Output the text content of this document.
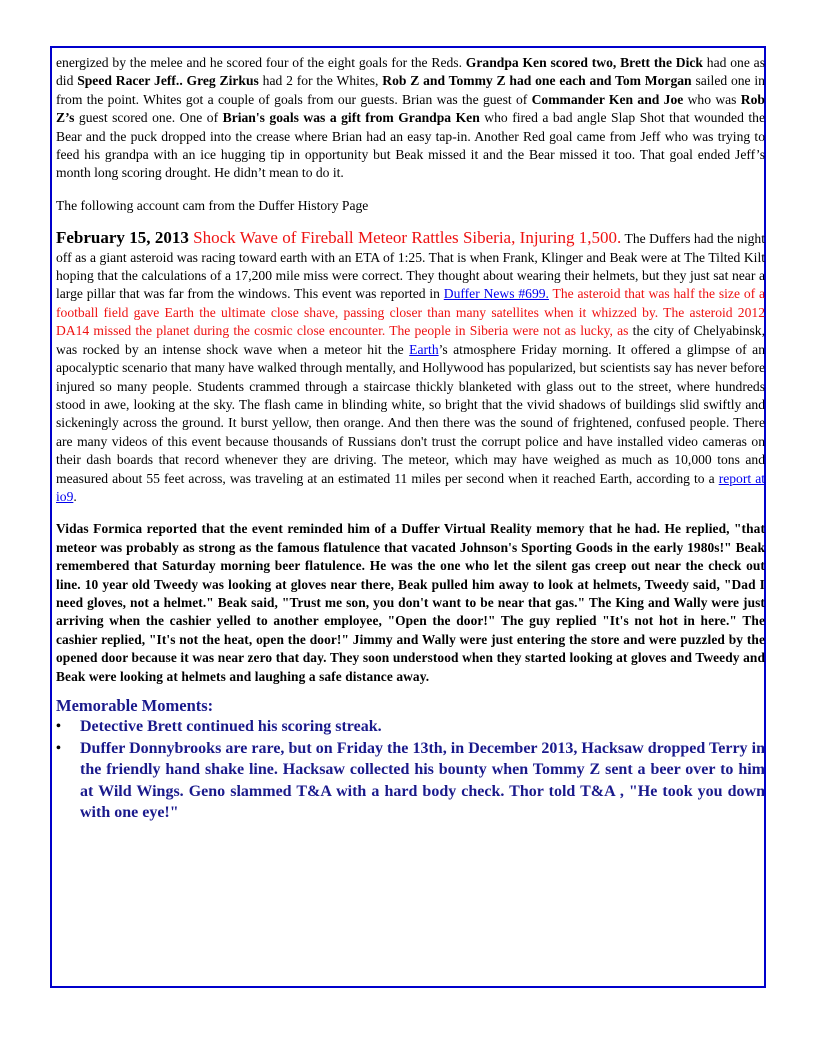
energized by the melee and he scored four of the eight goals for the Reds. Grandpa Ken scored two, Brett the Dick had one as did Speed Racer Jeff.. Greg Zirkus had 2 for the Whites, Rob Z and Tommy Z had one each and Tom Morgan sailed one in from the point. Whites got a couple of goals from our guests. Brian was the guest of Commander Ken and Joe who was Rob Z’s guest scored one. One of Brian's goals was a gift from Grandpa Ken who fired a bad angle Slap Shot that wounded the Bear and the puck dropped into the crease where Brian had an easy tap-in. Another Red goal came from Jeff who was trying to feed his grandpa with an ice hugging tip in opportunity but Beak missed it and the Bear missed it too. That goal ended Jeff’s month long scoring drought. He didn’t mean to do it.

The following account cam from the Duffer History Page

February 15, 2013 Shock Wave of Fireball Meteor Rattles Siberia, Injuring 1,500. The Duffers had the night off as a giant asteroid was racing toward earth with an ETA of 1:25. That is when Frank, Klinger and Beak were at The Tilted Kilt hoping that the calculations of a 17,200 mile miss were correct. They thought about wearing their helmets, but they just sat near a large pillar that was far from the windows. This event was reported in Duffer News #699. The asteroid that was half the size of a football field gave Earth the ultimate close shave, passing closer than many satellites when it whizzed by. The asteroid 2012 DA14 missed the planet during the cosmic close encounter. The people in Siberia were not as lucky, as the city of Chelyabinsk, was rocked by an intense shock wave when a meteor hit the Earth’s atmosphere Friday morning. It offered a glimpse of an apocalyptic scenario that many have walked through mentally, and Hollywood has popularized, but scientists say has never before injured so many people. Students crammed through a staircase thickly blanketed with glass out to the street, where hundreds stood in awe, looking at the sky. The flash came in blinding white, so bright that the vivid shadows of buildings slid swiftly and sickeningly across the ground. It burst yellow, then orange. And then there was the sound of frightened, confused people. There are many videos of this event because thousands of Russians don't trust the corrupt police and have installed video cameras on their dash boards that record whenever they are driving. The meteor, which may have weighed as much as 10,000 tons and measured about 55 feet across, was traveling at an estimated 11 miles per second when it reached Earth, according to a report at io9.

Vidas Formica reported that the event reminded him of a Duffer Virtual Reality memory that he had. He replied, "that meteor was probably as strong as the famous flatulence that vacated Johnson's Sporting Goods in the early 1980s!" Beak remembered that Saturday morning beer flatulence. He was the one who let the silent gas creep out near the check out line. 10 year old Tweedy was looking at gloves near there, Beak pulled him away to look at helmets, Tweedy said, "Dad I need gloves, not a helmet." Beak said, "Trust me son, you don't want to be near that gas." The King and Wally were just arriving when the cashier yelled to another employee, "Open the door!" The guy replied "It's not hot in here." The cashier replied, "It's not the heat, open the door!" Jimmy and Wally were just entering the store and were puzzled by the opened door because it was near zero that day. They soon understood when they started looking at gloves and Tweedy and Beak were looking at helmets and laughing a safe distance away.

Memorable Moments:

• Detective Brett continued his scoring streak.
• Duffer Donnybrooks are rare, but on Friday the 13th, in December 2013, Hacksaw dropped Terry in the friendly hand shake line. Hacksaw collected his bounty when Tommy Z sent a beer over to him at Wild Wings. Geno slammed T&A with a hard body check. Thor told T&A , "He took you down with one eye!"
